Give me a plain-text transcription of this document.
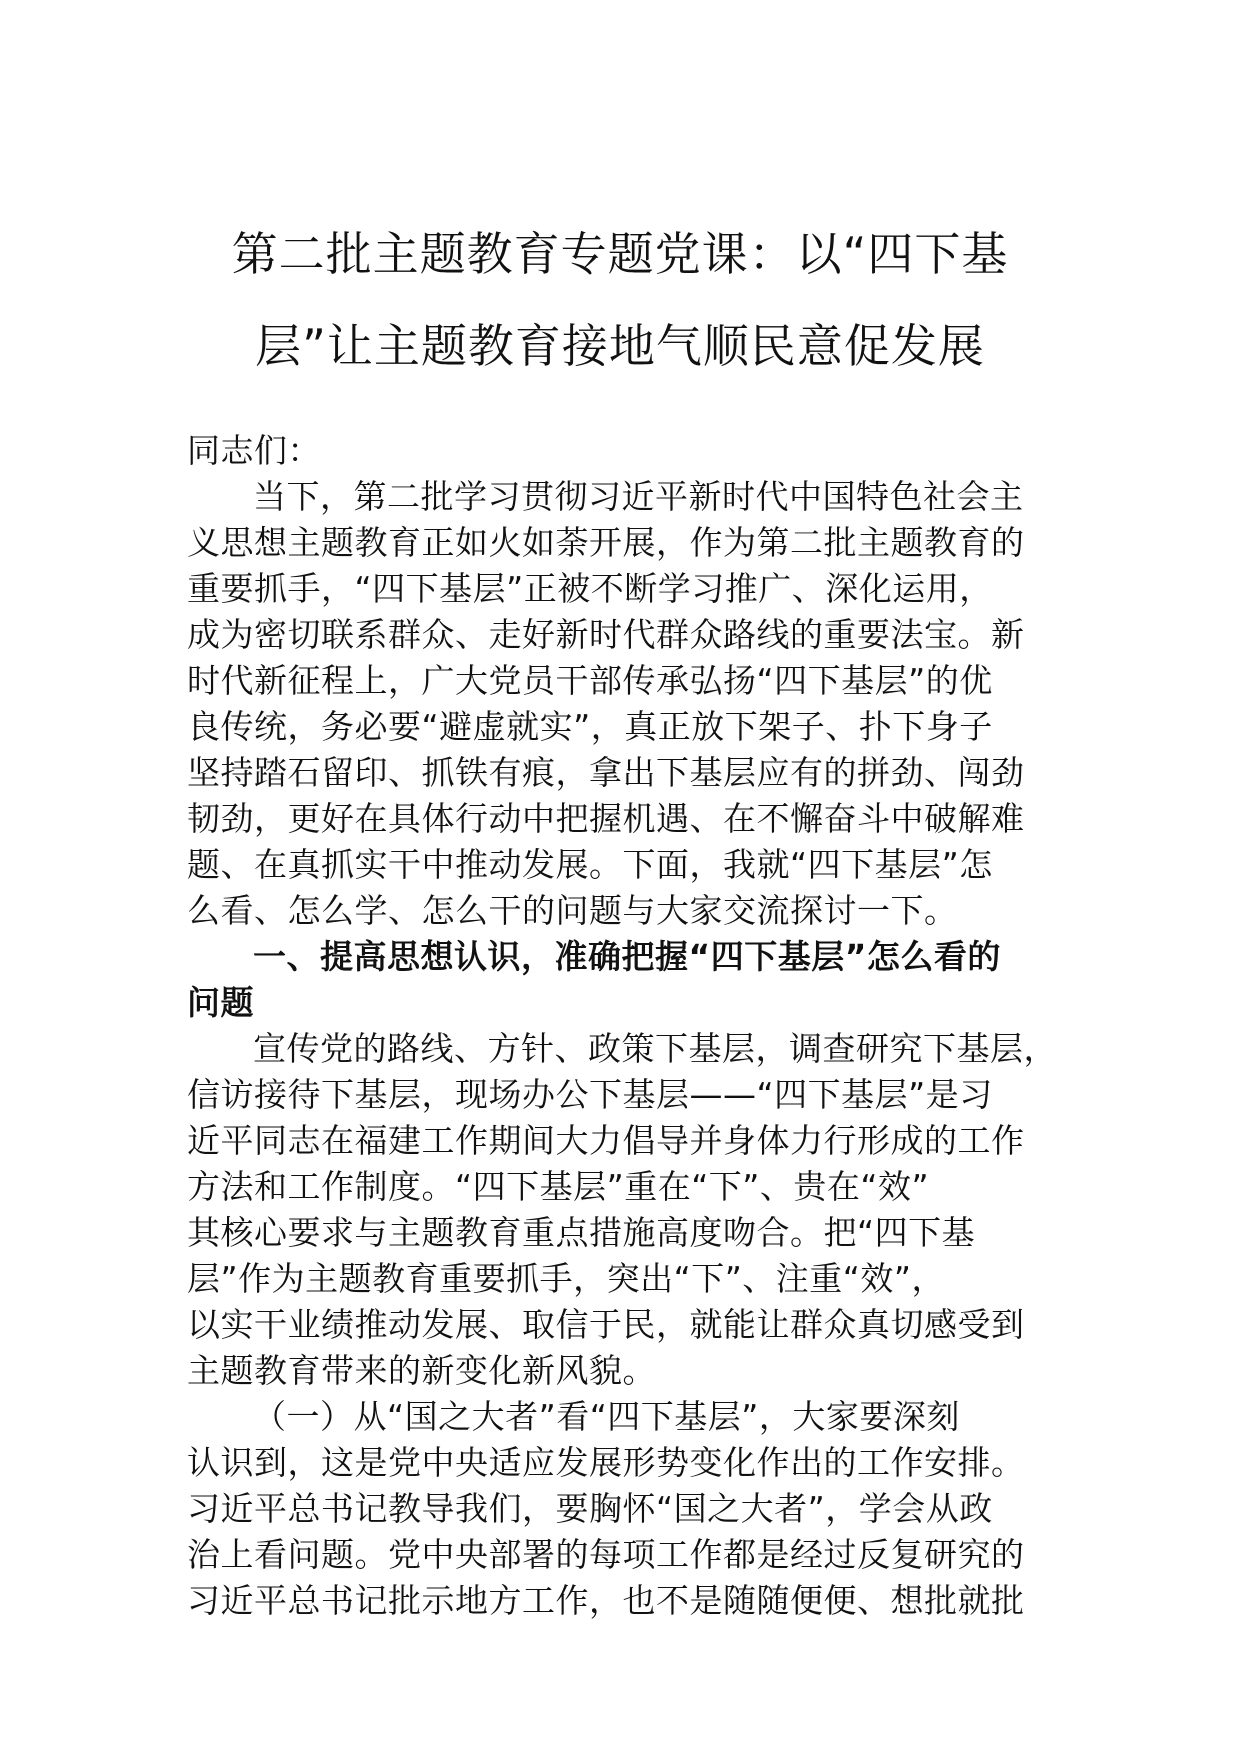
第二批主题教育专题党课：以“四下基
层”让主题教育接地气顺民意促发展
同志们：
当下，第二批学习贯彻习近平新时代中国特色社会主
义思想主题教育正如火如荼开展，作为第二批主题教育的
重要抓手，“四下基层”正被不断学习推广、深化运用，
成为密切联系群众、走好新时代群众路线的重要法宝。新
时代新征程上，广大党员干部传承弘扬“四下基层”的优
良传统，务必要“避虚就实”，真正放下架子、扑下身子
坚持踏石留印、抓铁有痕，拿出下基层应有的拼劲、闯劲
韧劲，更好在具体行动中把握机遇、在不懈奋斗中破解难
题、在真抓实干中推动发展。下面，我就“四下基层”怎
么看、怎么学、怎么干的问题与大家交流探讨一下。
一、提高思想认识，准确把握“四下基层”怎么看的
问题
宣传党的路线、方针、政策下基层，调查研究下基层，
信访接待下基层，现场办公下基层——“四下基层”是习
近平同志在福建工作期间大力倡导并身体力行形成的工作
方法和工作制度。“四下基层”重在“下”、贵在“效”
其核心要求与主题教育重点措施高度吻合。把“四下基
层”作为主题教育重要抓手，突出“下”、注重“效”，
以实干业绩推动发展、取信于民，就能让群众真切感受到
主题教育带来的新变化新风貌。
（一）从“国之大者”看“四下基层”，大家要深刻
认识到，这是党中央适应发展形势变化作出的工作安排。
习近平总书记教导我们，要胸怀“国之大者”，学会从政
治上看问题。党中央部署的每项工作都是经过反复研究的
习近平总书记批示地方工作，也不是随随便便、想批就批
